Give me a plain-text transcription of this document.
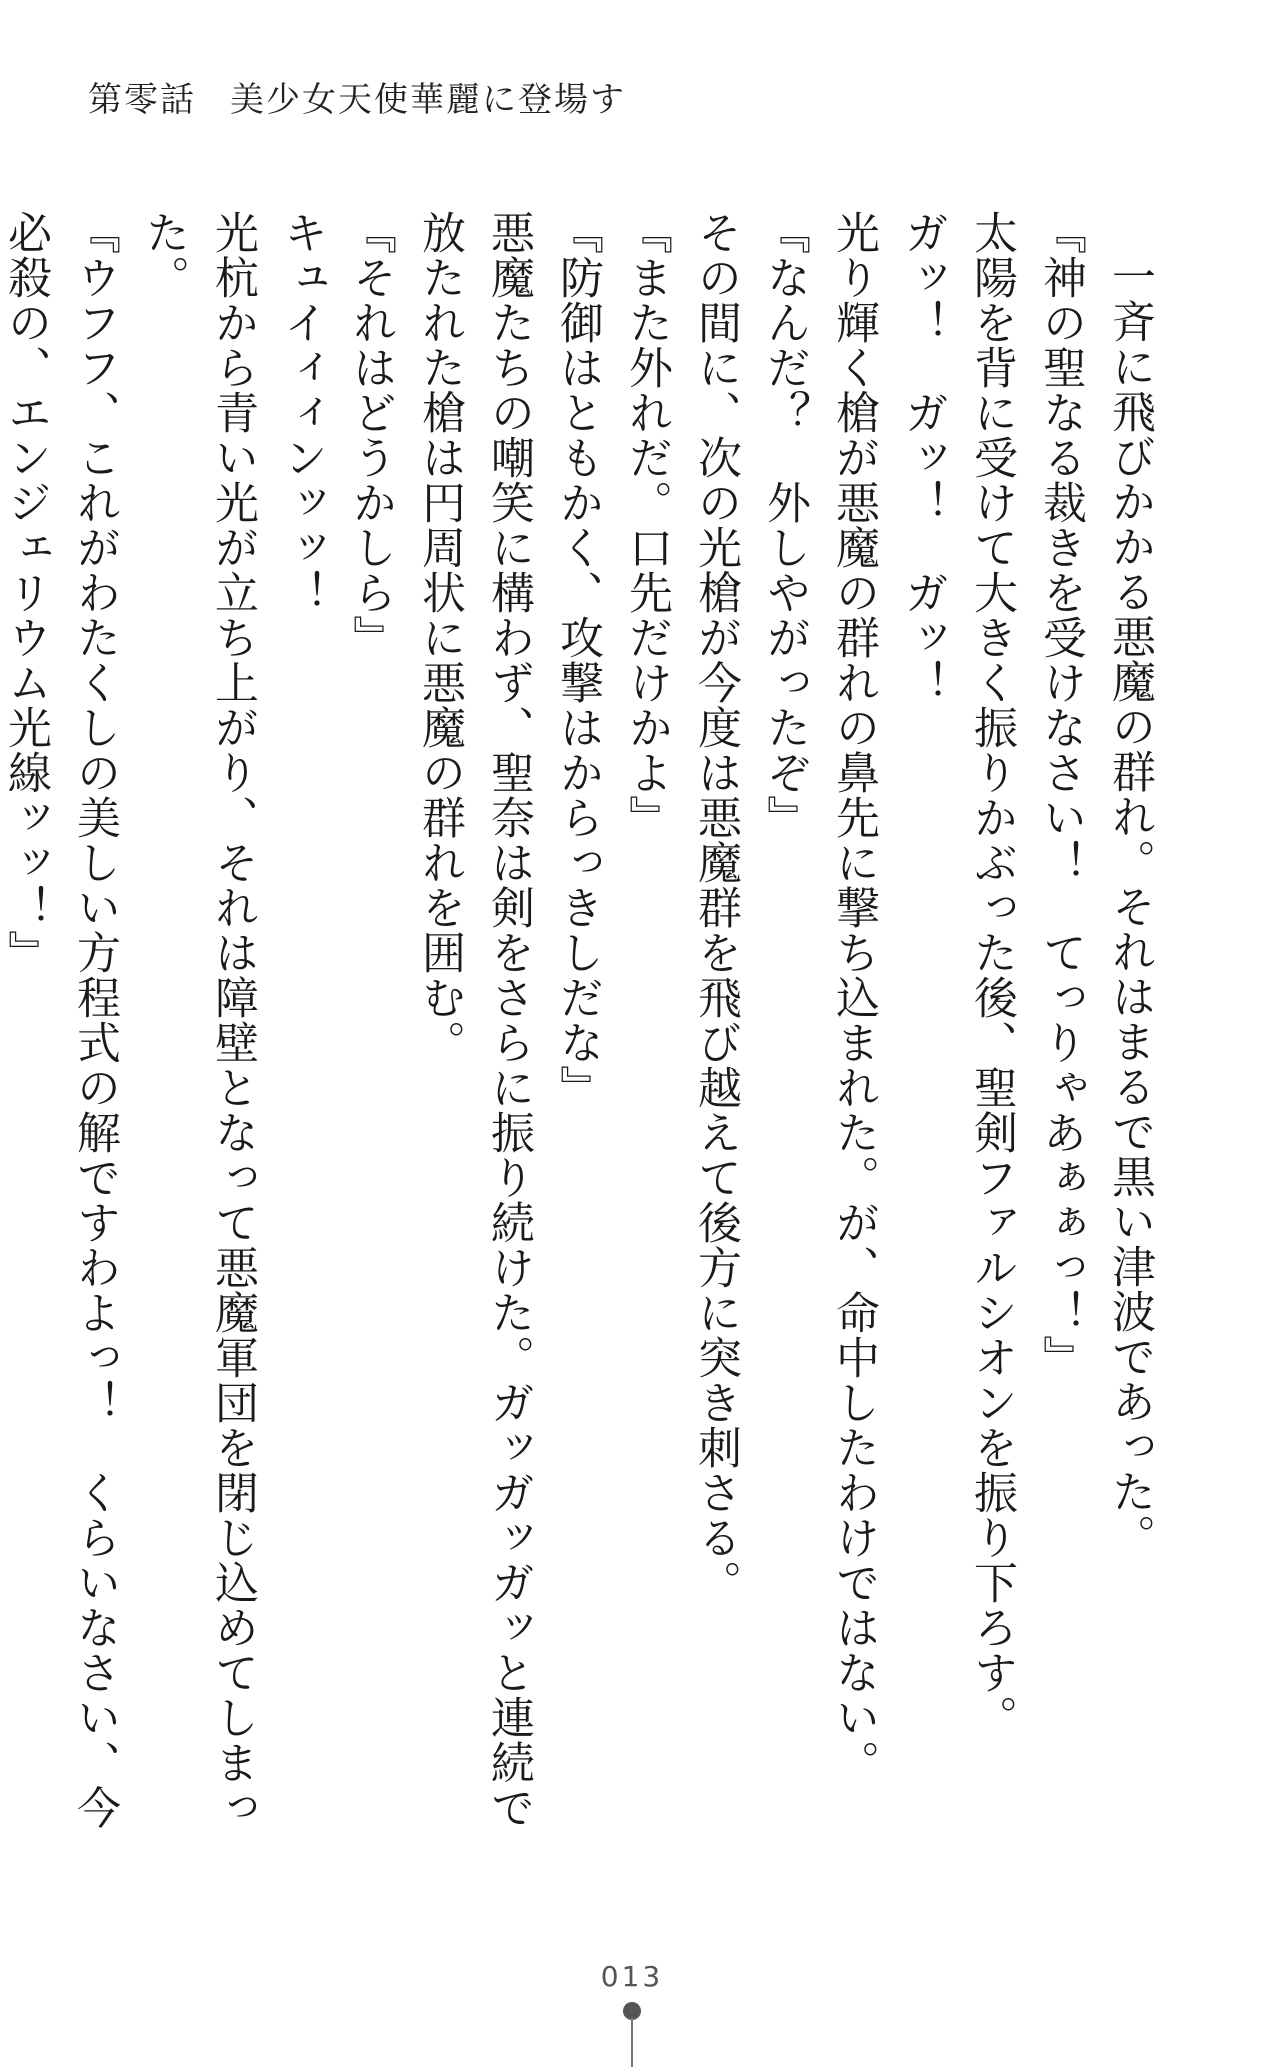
第零話 美少女天使華麗に登場す

一斉に飛びかかる悪魔の群れ。それはまるで黒い津波であった。

『神の聖なる裁きを受けなさい！　てっりゃあぁぁっ！』

太陽を背に受けて大きく振りかぶった後、聖剣ファルシオンを振り下ろす。

ガッ！　ガッ！　ガッ！

光り輝く槍が悪魔の群れの鼻先に撃ち込まれた。が、命中したわけではない。

『なんだ？　外しやがったぞ』

その間に、次の光槍が今度は悪魔群を飛び越えて後方に突き刺さる。

『また外れだ。口先だけかよ』

『防御はともかく、攻撃はからっきしだな』

悪魔たちの嘲笑に構わず、聖奈は剣をさらに振り続けた。ガッガッガッと連続で放たれた槍は円周状に悪魔の群れを囲む。

『それはどうかしら』

キュイィィンッッ！

光杭から青い光が立ち上がり、それは障壁となって悪魔軍団を閉じ込めてしまった。

『ウフフ、これがわたくしの美しい方程式の解ですわよっ！　くらいなさい、今必殺の、エンジェリウム光線ッッ！』

013
